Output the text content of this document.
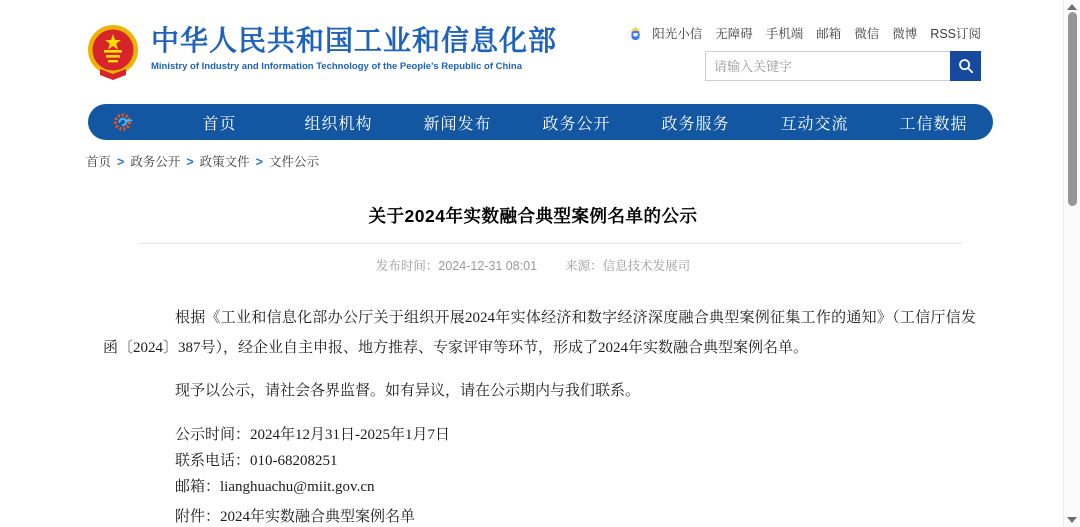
中华人民共和国工业和信息化部
Ministry of Industry and Information Technology of the People's Republic of China
阳光小信 无障碍 手机端 邮箱 微信 微博 RSS订阅
请输入关键字
首页	组织机构	新闻发布	政务公开	政务服务	互动交流	工信数据
首页 > 政务公开 > 政策文件 > 文件公示
关于2024年实数融合典型案例名单的公示
发布时间：2024-12-31 08:01 来源：信息技术发展司

根据《工业和信息化部办公厅关于组织开展2024年实体经济和数字经济深度融合典型案例征集工作的通知》（工信厅信发函〔2024〕387号），经企业自主申报、地方推荐、专家评审等环节，形成了2024年实数融合典型案例名单。

现予以公示，请社会各界监督。如有异议，请在公示期内与我们联系。

公示时间：2024年12月31日-2025年1月7日

联系电话：010-68208251

邮箱：lianghuachu@miit.gov.cn

附件：2024年实数融合典型案例名单
